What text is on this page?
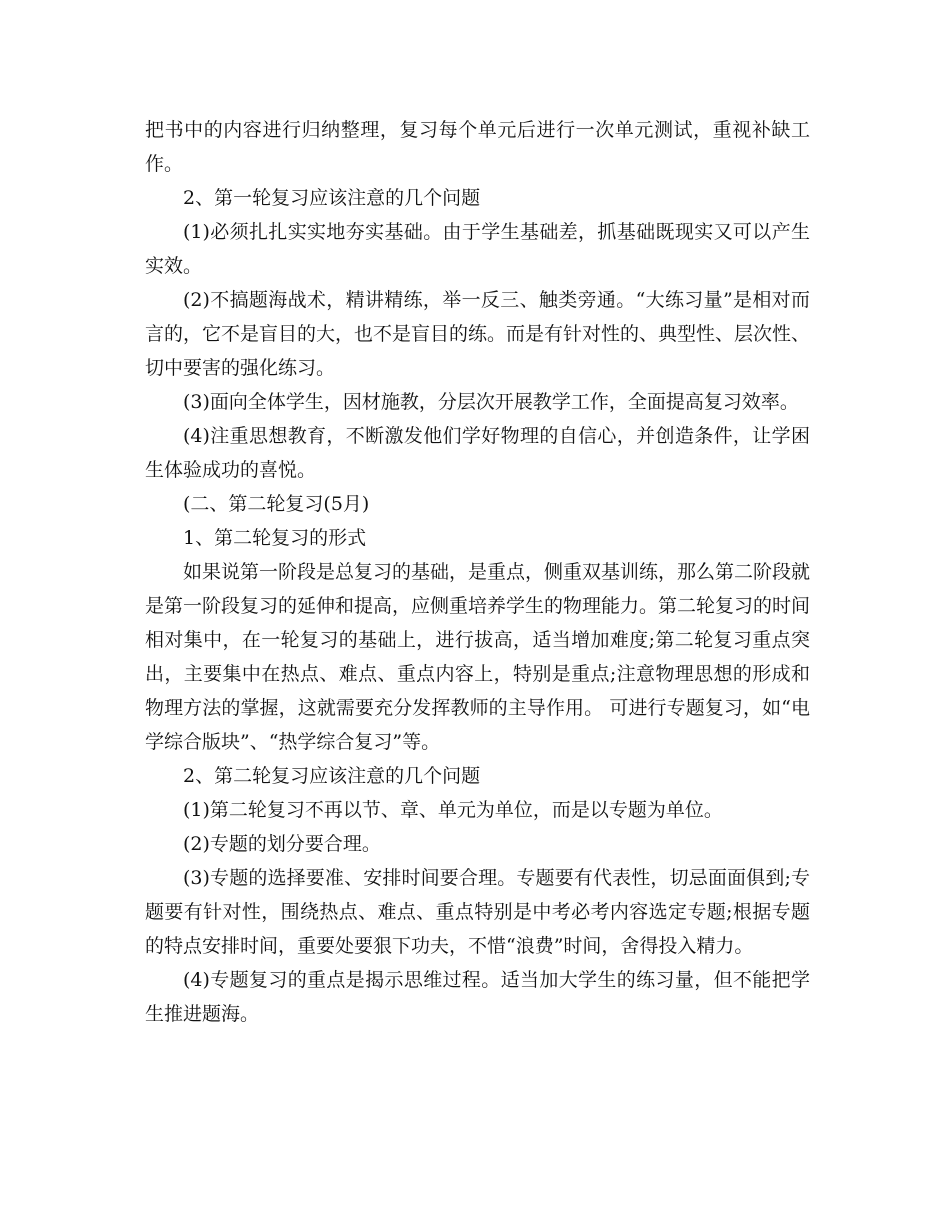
把书中的内容进行归纳整理，复习每个单元后进行一次单元测试，重视补缺工作。

2、第一轮复习应该注意的几个问题

(1)必须扎扎实实地夯实基础。由于学生基础差，抓基础既现实又可以产生实效。

(2)不搞题海战术，精讲精练，举一反三、触类旁通。“大练习量”是相对而言的，它不是盲目的大，也不是盲目的练。而是有针对性的、典型性、层次性、切中要害的强化练习。

(3)面向全体学生，因材施教，分层次开展教学工作，全面提高复习效率。

(4)注重思想教育，不断激发他们学好物理的自信心，并创造条件，让学困生体验成功的喜悦。

(二、第二轮复习(5月)

1、第二轮复习的形式

如果说第一阶段是总复习的基础，是重点，侧重双基训练，那么第二阶段就是第一阶段复习的延伸和提高，应侧重培养学生的物理能力。第二轮复习的时间相对集中，在一轮复习的基础上，进行拔高，适当增加难度;第二轮复习重点突出，主要集中在热点、难点、重点内容上，特别是重点;注意物理思想的形成和物理方法的掌握，这就需要充分发挥教师的主导作用。 可进行专题复习，如“电学综合版块”、“热学综合复习”等。

2、第二轮复习应该注意的几个问题

(1)第二轮复习不再以节、章、单元为单位，而是以专题为单位。

(2)专题的划分要合理。

(3)专题的选择要准、安排时间要合理。专题要有代表性，切忌面面俱到;专题要有针对性，围绕热点、难点、重点特别是中考必考内容选定专题;根据专题的特点安排时间，重要处要狠下功夫，不惜“浪费”时间，舍得投入精力。

(4)专题复习的重点是揭示思维过程。适当加大学生的练习量，但不能把学生推进题海。
